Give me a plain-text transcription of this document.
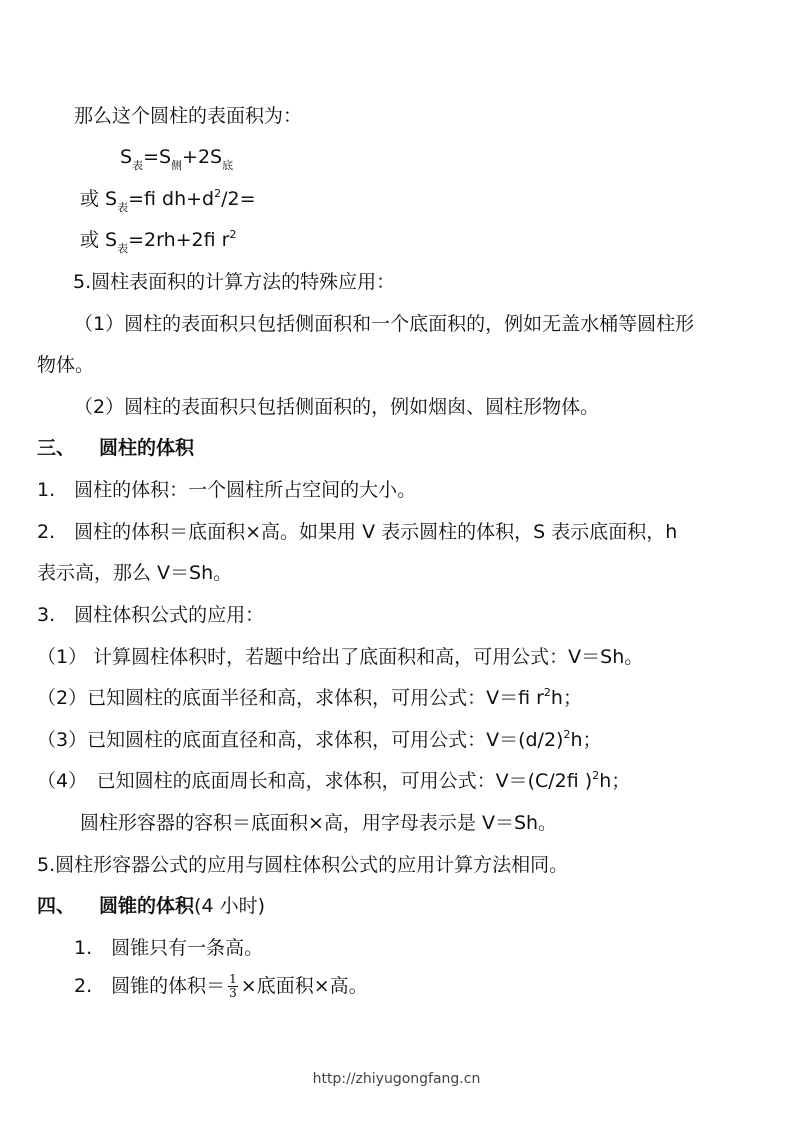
那么这个圆柱的表面积为：
$S_表=S_侧+2S_底$
或 $S_表=fi$ $dh+d^2/2=$
或 $S_表=2rh+2fi$ $r^2$
5.圆柱表面积的计算方法的特殊应用：
（1）圆柱的表面积只包括侧面积和一个底面积的，例如无盖水桶等圆柱形
物体。
（2）圆柱的表面积只包括侧面积的，例如烟囱、圆柱形物体。
三、 圆柱的体积
1.　圆柱的体积：一个圆柱所占空间的大小。
2.　圆柱的体积＝底面积×高。如果用 V 表示圆柱的体积，S 表示底面积，h
表示高，那么 V＝Sh。
3.　圆柱体积公式的应用：
（1） 计算圆柱体积时，若题中给出了底面积和高，可用公式：V＝Sh。
（2）已知圆柱的底面半径和高，求体积，可用公式：V＝fi $r^2h$；
（3）已知圆柱的底面直径和高，求体积，可用公式：$V=(d/2)^2h$；
（4）　已知圆柱的底面周长和高，求体积，可用公式：V＝(C/2fi )$^2$h；
圆柱形容器的容积＝底面积×高，用字母表示是 V＝Sh。
5.圆柱形容器公式的应用与圆柱体积公式的应用计算方法相同。
四、 圆锥的体积(4 小时)
1.　圆锥只有一条高。
2.　圆锥的体积＝ $\frac{1}{3}$ ×底面积×高。
http://zhiyugongfang.cn
